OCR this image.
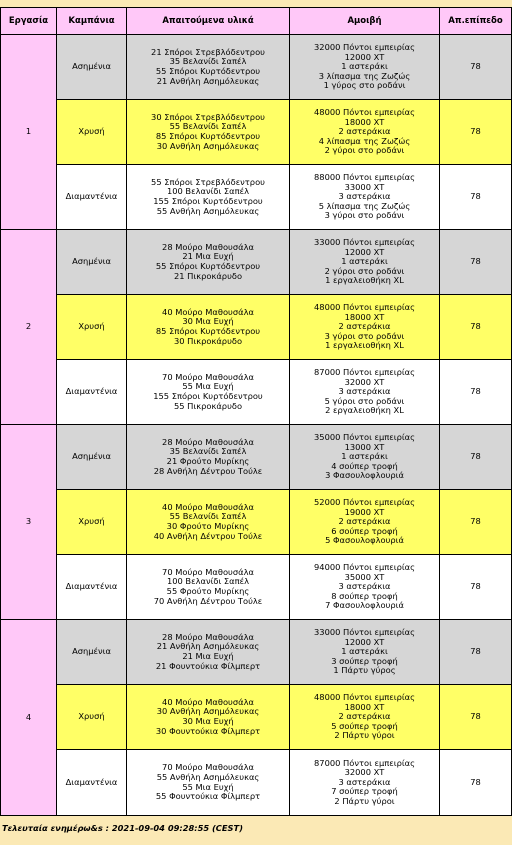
Εργασία	Καμπάνια	Απαιτούμενα υλικά	Αμοιβή	Απ.επίπεδο
1	Ασημένια	21 Σπόροι Στρεβλόδεντρου
35 Βελανίδι Σαπέλ
55 Σπόροι Κυρτόδεντρου
21 Ανθήλη Ασημόλευκας	32000 Πόντοι εμπειρίας
12000 ΧΤ
1 αστεράκι
3 λίπασμα της Ζωζώς
1 γύρος στο ροδάνι	78
	Χρυσή	30 Σπόροι Στρεβλόδεντρου
55 Βελανίδι Σαπέλ
85 Σπόροι Κυρτόδεντρου
30 Ανθήλη Ασημόλευκας	48000 Πόντοι εμπειρίας
18000 ΧΤ
2 αστεράκια
4 λίπασμα της Ζωζώς
2 γύροι στο ροδάνι	78
	Διαμαντένια	55 Σπόροι Στρεβλόδεντρου
100 Βελανίδι Σαπέλ
155 Σπόροι Κυρτόδεντρου
55 Ανθήλη Ασημόλευκας	88000 Πόντοι εμπειρίας
33000 ΧΤ
3 αστεράκια
5 λίπασμα της Ζωζώς
3 γύροι στο ροδάνι	78
2	Ασημένια	28 Μούρο Μαθουσάλα
21 Μια Ευχή
55 Σπόροι Κυρτόδεντρου
21 Πικροκάρυδο	33000 Πόντοι εμπειρίας
12000 ΧΤ
1 αστεράκι
2 γύροι στο ροδάνι
1 εργαλειοθήκη XL	78
	Χρυσή	40 Μούρο Μαθουσάλα
30 Μια Ευχή
85 Σπόροι Κυρτόδεντρου
30 Πικροκάρυδο	48000 Πόντοι εμπειρίας
18000 ΧΤ
2 αστεράκια
3 γύροι στο ροδάνι
1 εργαλειοθήκη XL	78
	Διαμαντένια	70 Μούρο Μαθουσάλα
55 Μια Ευχή
155 Σπόροι Κυρτόδεντρου
55 Πικροκάρυδο	87000 Πόντοι εμπειρίας
32000 ΧΤ
3 αστεράκια
5 γύροι στο ροδάνι
2 εργαλειοθήκη XL	78
3	Ασημένια	28 Μούρο Μαθουσάλα
35 Βελανίδι Σαπέλ
21 Φρούτο Μυρίκης
28 Ανθήλη Δέντρου Τούλε	35000 Πόντοι εμπειρίας
13000 ΧΤ
1 αστεράκι
4 σούπερ τροφή
3 Φασουλοφλουριά	78
	Χρυσή	40 Μούρο Μαθουσάλα
55 Βελανίδι Σαπέλ
30 Φρούτο Μυρίκης
40 Ανθήλη Δέντρου Τούλε	52000 Πόντοι εμπειρίας
19000 ΧΤ
2 αστεράκια
6 σούπερ τροφή
5 Φασουλοφλουριά	78
	Διαμαντένια	70 Μούρο Μαθουσάλα
100 Βελανίδι Σαπέλ
55 Φρούτο Μυρίκης
70 Ανθήλη Δέντρου Τούλε	94000 Πόντοι εμπειρίας
35000 ΧΤ
3 αστεράκια
8 σούπερ τροφή
7 Φασουλοφλουριά	78
4	Ασημένια	28 Μούρο Μαθουσάλα
21 Ανθήλη Ασημόλευκας
21 Μια Ευχή
21 Φουντούκια Φίλμπερτ	33000 Πόντοι εμπειρίας
12000 ΧΤ
1 αστεράκι
3 σούπερ τροφή
1 Πάρτυ γύρος	78
	Χρυσή	40 Μούρο Μαθουσάλα
30 Ανθήλη Ασημόλευκας
30 Μια Ευχή
30 Φουντούκια Φίλμπερτ	48000 Πόντοι εμπειρίας
18000 ΧΤ
2 αστεράκια
5 σούπερ τροφή
2 Πάρτυ γύροι	78
	Διαμαντένια	70 Μούρο Μαθουσάλα
55 Ανθήλη Ασημόλευκας
55 Μια Ευχή
55 Φουντούκια Φίλμπερτ	87000 Πόντοι εμπειρίας
32000 ΧΤ
3 αστεράκια
7 σούπερ τροφή
2 Πάρτυ γύροι	78
Τελευταία ενημέρω&s : 2021-09-04 09:28:55 (CEST)
